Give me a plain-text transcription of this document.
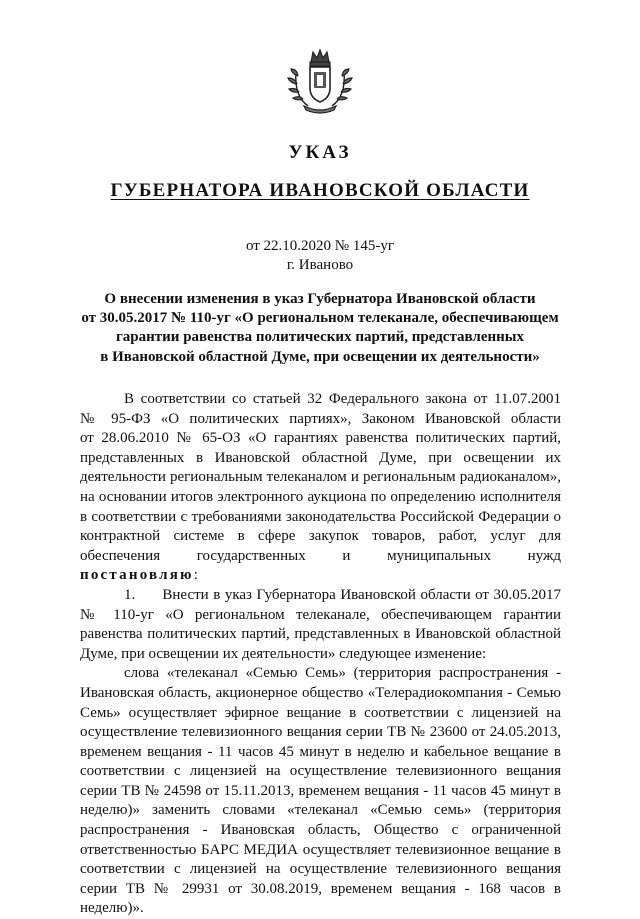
УКАЗ
ГУБЕРНАТОРА ИВАНОВСКОЙ ОБЛАСТИ
от 22.10.2020 № 145-уг
г. Иваново
О внесении изменения в указ Губернатора Ивановской области
от 30.05.2017 № 110-уг «О региональном телеканале, обеспечивающем
гарантии равенства политических партий, представленных
в Ивановской областной Думе, при освещении их деятельности»
В соответствии со статьей 32 Федерального закона от 11.07.2001
№ 95-ФЗ «О политических партиях», Законом Ивановской области
от 28.06.2010 № 65-ОЗ «О гарантиях равенства политических партий,
представленных в Ивановской областной Думе, при освещении их
деятельности региональным телеканалом и региональным радиоканалом»,
на основании итогов электронного аукциона по определению исполнителя
в соответствии с требованиями законодательства Российской Федерации о
контрактной системе в сфере закупок товаров, работ, услуг для
обеспечения государственных и муниципальных нужд
постановляю:
1. Внести в указ Губернатора Ивановской области от 30.05.2017
№ 110-уг «О региональном телеканале, обеспечивающем гарантии
равенства политических партий, представленных в Ивановской областной
Думе, при освещении их деятельности» следующее изменение:
слова «телеканал «Семью Семь» (территория распространения -
Ивановская область, акционерное общество «Телерадиокомпания - Семью
Семь» осуществляет эфирное вещание в соответствии с лицензией на
осуществление телевизионного вещания серии ТВ № 23600 от 24.05.2013,
временем вещания - 11 часов 45 минут в неделю и кабельное вещание в
соответствии с лицензией на осуществление телевизионного вещания
серии ТВ № 24598 от 15.11.2013, временем вещания - 11 часов 45 минут в
неделю)» заменить словами «телеканал «Семью семь» (территория
распространения - Ивановская область, Общество с ограниченной
ответственностью БАРС МЕДИА осуществляет телевизионное вещание в
соответствии с лицензией на осуществление телевизионного вещания
серии ТВ № 29931 от 30.08.2019, временем вещания - 168 часов в
неделю)».
